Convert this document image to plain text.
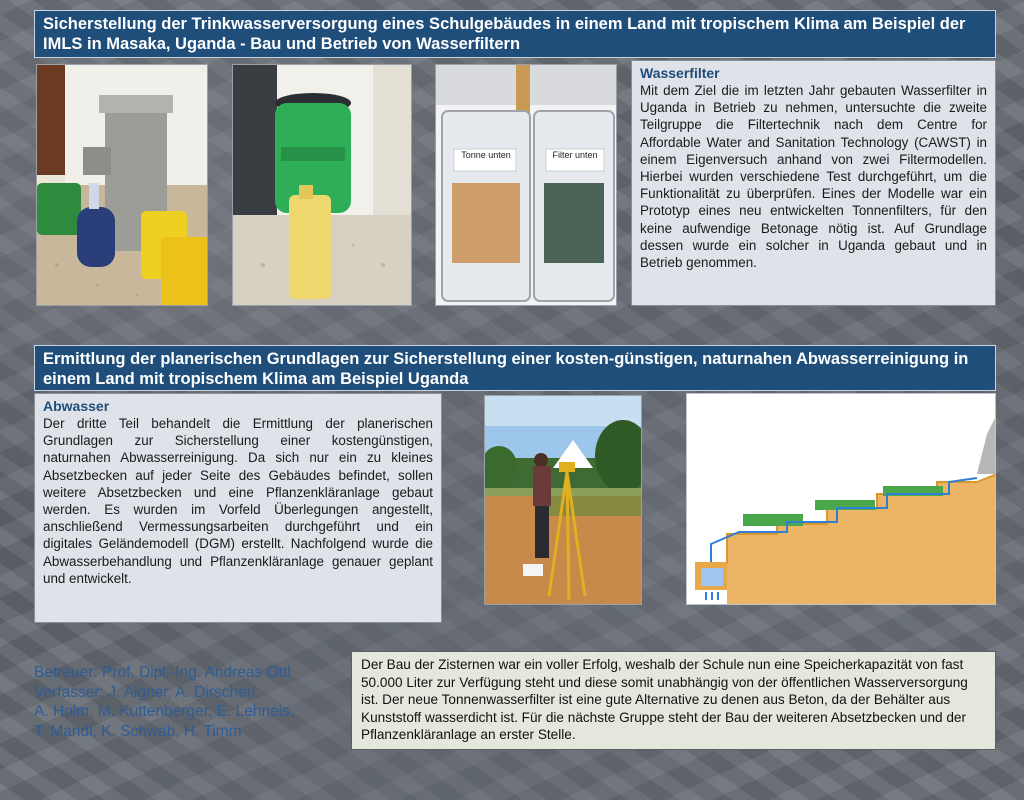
Sicherstellung der Trinkwasserversorgung eines Schulgebäudes in einem Land mit tropischem Klima am Beispiel der IMLS in Masaka, Uganda - Bau und Betrieb von Wasserfiltern
Tonne unten	Filter unten
Wasserfilter

Mit dem Ziel die im letzten Jahr gebauten Wasserfilter in Uganda in Betrieb zu nehmen, untersuchte die zweite Teilgruppe die Filtertechnik nach dem Centre for Affordable Water and Sanitation Technology (CAWST) in einem Eigenversuch anhand von zwei Filtermodellen. Hierbei wurden verschiedene Test durchgeführt, um die Funktionalität zu überprüfen. Eines der Modelle war ein Prototyp eines neu entwickelten Tonnenfilters, für den keine aufwendige Betonage nötig ist. Auf Grundlage dessen wurde ein solcher in Uganda gebaut und in Betrieb genommen.

Ermittlung der planerischen Grundlagen zur Sicherstellung einer kosten-günstigen, naturnahen Abwasserreinigung in einem Land mit tropischem Klima am Beispiel Uganda
Abwasser

Der dritte Teil behandelt die Ermittlung der planerischen Grundlagen zur Sicherstellung einer kostengünstigen, naturnahen Abwasserreinigung. Da sich nur ein zu kleines Absetzbecken auf jeder Seite des Gebäudes befindet, sollen weitere Absetzbecken und eine Pflanzenkläranlage gebaut werden. Es wurden im Vorfeld Überlegungen angestellt, anschließend Vermessungsarbeiten durchgeführt und ein digitales Geländemodell (DGM) erstellt. Nachfolgend wurde die Abwasserbehandlung und Pflanzenkläranlage genauer geplant und entwickelt.

Betreuer: Prof. Dipl.-Ing. Andreas Ottl
Verfasser: J. Aigner, A. Dirscherl,
A. Holm, M. Kuttenberger, E. Lehneis,
T. Mandl, K. Schwab, H. Timm

Der Bau der Zisternen war ein voller Erfolg, weshalb der Schule nun eine Speicherkapazität von fast 50.000 Liter zur Verfügung steht und diese somit unabhängig von der öffentlichen Wasserversorgung ist. Der neue Tonnenwasserfilter ist eine gute Alternative zu denen aus Beton, da der Behälter aus Kunststoff wasserdicht ist. Für die nächste Gruppe steht der Bau der weiteren Absetzbecken und der Pflanzenkläranlage an erster Stelle.
